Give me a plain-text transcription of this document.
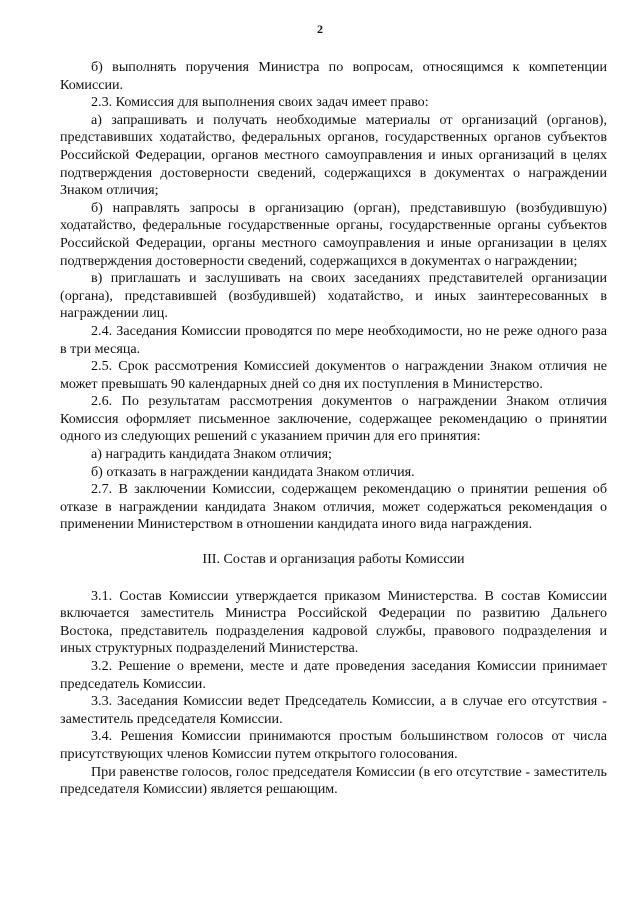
2

б) выполнять поручения Министра по вопросам, относящимся к компетенции Комиссии.

2.3. Комиссия для выполнения своих задач имеет право:

а) запрашивать и получать необходимые материалы от организаций (органов), представивших ходатайство, федеральных органов, государственных органов субъектов Российской Федерации, органов местного самоуправления и иных организаций в целях подтверждения достоверности сведений, содержащихся в документах о награждении Знаком отличия;

б) направлять запросы в организацию (орган), представившую (возбудившую) ходатайство, федеральные государственные органы, государственные органы субъектов Российской Федерации, органы местного самоуправления и иные организации в целях подтверждения достоверности сведений, содержащихся в документах о награждении;

в) приглашать и заслушивать на своих заседаниях представителей организации (органа), представившей (возбудившей) ходатайство, и иных заинтересованных в награждении лиц.

2.4. Заседания Комиссии проводятся по мере необходимости, но не реже одного раза в три месяца.

2.5. Срок рассмотрения Комиссией документов о награждении Знаком отличия не может превышать 90 календарных дней со дня их поступления в Министерство.

2.6. По результатам рассмотрения документов о награждении Знаком отличия Комиссия оформляет письменное заключение, содержащее рекомендацию о принятии одного из следующих решений с указанием причин для его принятия:

а) наградить кандидата Знаком отличия;

б) отказать в награждении кандидата Знаком отличия.

2.7. В заключении Комиссии, содержащем рекомендацию о принятии решения об отказе в награждении кандидата Знаком отличия, может содержаться рекомендация о применении Министерством в отношении кандидата иного вида награждения.

III. Состав и организация работы Комиссии

3.1. Состав Комиссии утверждается приказом Министерства. В состав Комиссии включается заместитель Министра Российской Федерации по развитию Дальнего Востока, представитель подразделения кадровой службы, правового подразделения и иных структурных подразделений Министерства.

3.2. Решение о времени, месте и дате проведения заседания Комиссии принимает председатель Комиссии.

3.3. Заседания Комиссии ведет Председатель Комиссии, а в случае его отсутствия - заместитель председателя Комиссии.

3.4. Решения Комиссии принимаются простым большинством голосов от числа присутствующих членов Комиссии путем открытого голосования.

При равенстве голосов, голос председателя Комиссии (в его отсутствие - заместитель председателя Комиссии) является решающим.
